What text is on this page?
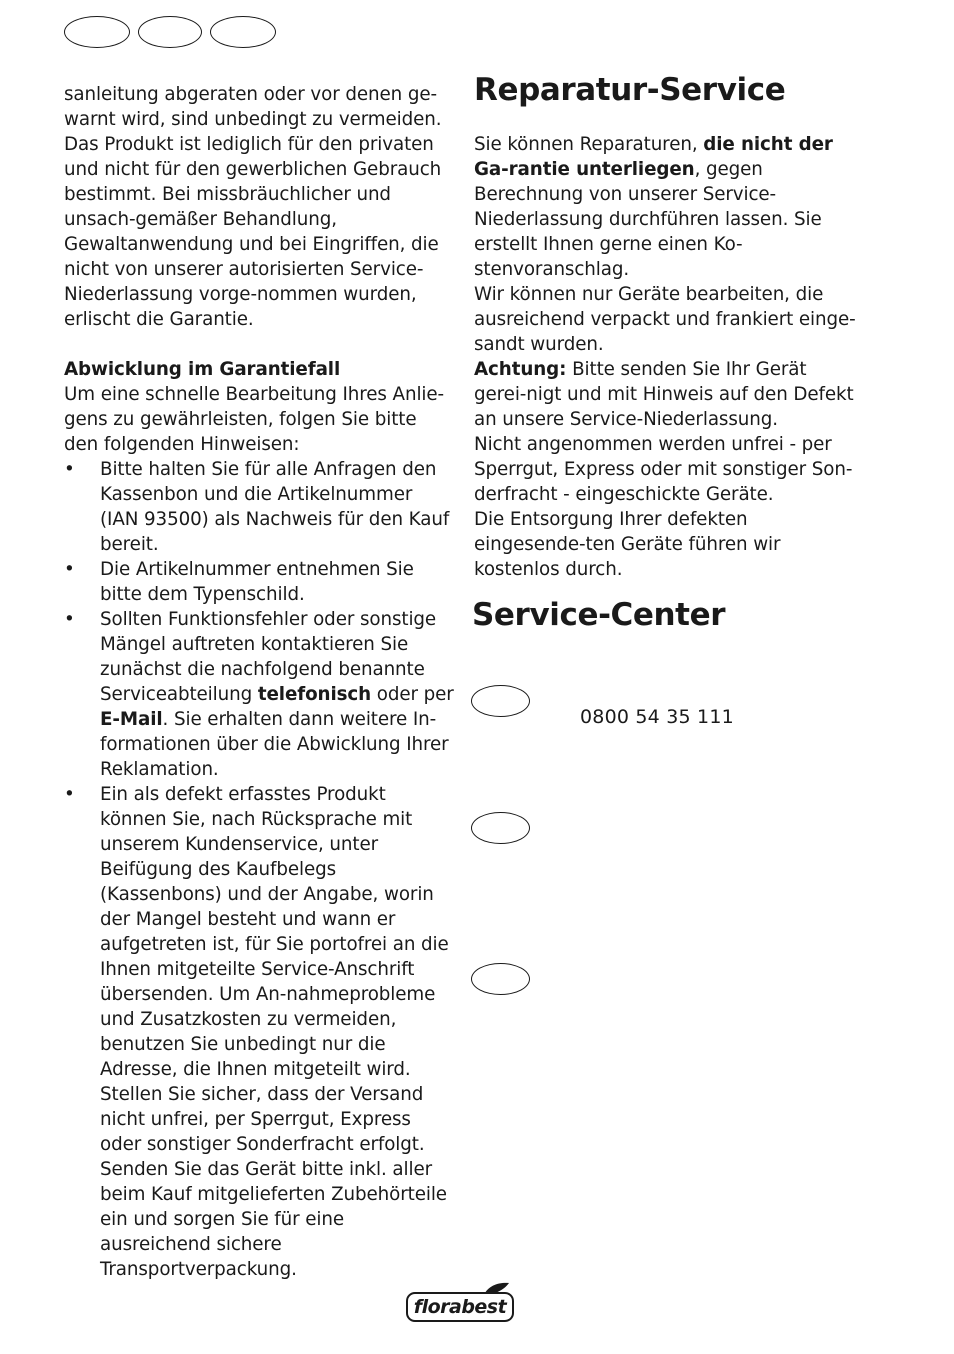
sanleitung abgeraten oder vor denen ge-warnt wird, sind unbedingt zu vermeiden. Das Produkt ist lediglich für den privaten und nicht für den gewerblichen Gebrauch bestimmt. Bei missbräuchlicher und unsach-gemäßer Behandlung, Gewaltanwendung und bei Eingriffen, die nicht von unserer autorisierten Service-Niederlassung vorge-nommen wurden, erlischt die Garantie.

Abwicklung im Garantiefall

Um eine schnelle Bearbeitung Ihres Anlie-gens zu gewährleisten, folgen Sie bitte den folgenden Hinweisen:

• Bitte halten Sie für alle Anfragen den Kassenbon und die Artikelnummer (IAN 93500) als Nachweis für den Kauf bereit.
• Die Artikelnummer entnehmen Sie bitte dem Typenschild.
• Sollten Funktionsfehler oder sonstige Mängel auftreten kontaktieren Sie zunächst die nachfolgend benannte Serviceabteilung telefonisch oder per E-Mail. Sie erhalten dann weitere In-formationen über die Abwicklung Ihrer Reklamation.
• Ein als defekt erfasstes Produkt können Sie, nach Rücksprache mit unserem Kundenservice, unter Beifügung des Kaufbelegs (Kassenbons) und der Angabe, worin der Mangel besteht und wann er aufgetreten ist, für Sie portofrei an die Ihnen mitgeteilte Service-Anschrift übersenden. Um An-nahmeprobleme und Zusatzkosten zu vermeiden, benutzen Sie unbedingt nur die Adresse, die Ihnen mitgeteilt wird. Stellen Sie sicher, dass der Versand nicht unfrei, per Sperrgut, Express oder sonstiger Sonderfracht erfolgt. Senden Sie das Gerät bitte inkl. aller beim Kauf mitgelieferten Zubehörteile ein und sorgen Sie für eine ausreichend sichere Transportverpackung.
Reparatur-Service

Sie können Reparaturen, die nicht der Ga-rantie unterliegen, gegen Berechnung von unserer Service-Niederlassung durchführen lassen. Sie erstellt Ihnen gerne einen Ko-stenvoranschlag.

Wir können nur Geräte bearbeiten, die ausreichend verpackt und frankiert einge-sandt wurden.

Achtung: Bitte senden Sie Ihr Gerät gerei-nigt und mit Hinweis auf den Defekt an unsere Service-Niederlassung.

Nicht angenommen werden unfrei - per Sperrgut, Express oder mit sonstiger Son-derfracht - eingeschickte Geräte.

Die Entsorgung Ihrer defekten eingesende-ten Geräte führen wir kostenlos durch.

Service-Center
0800 54 35 111
florabest
